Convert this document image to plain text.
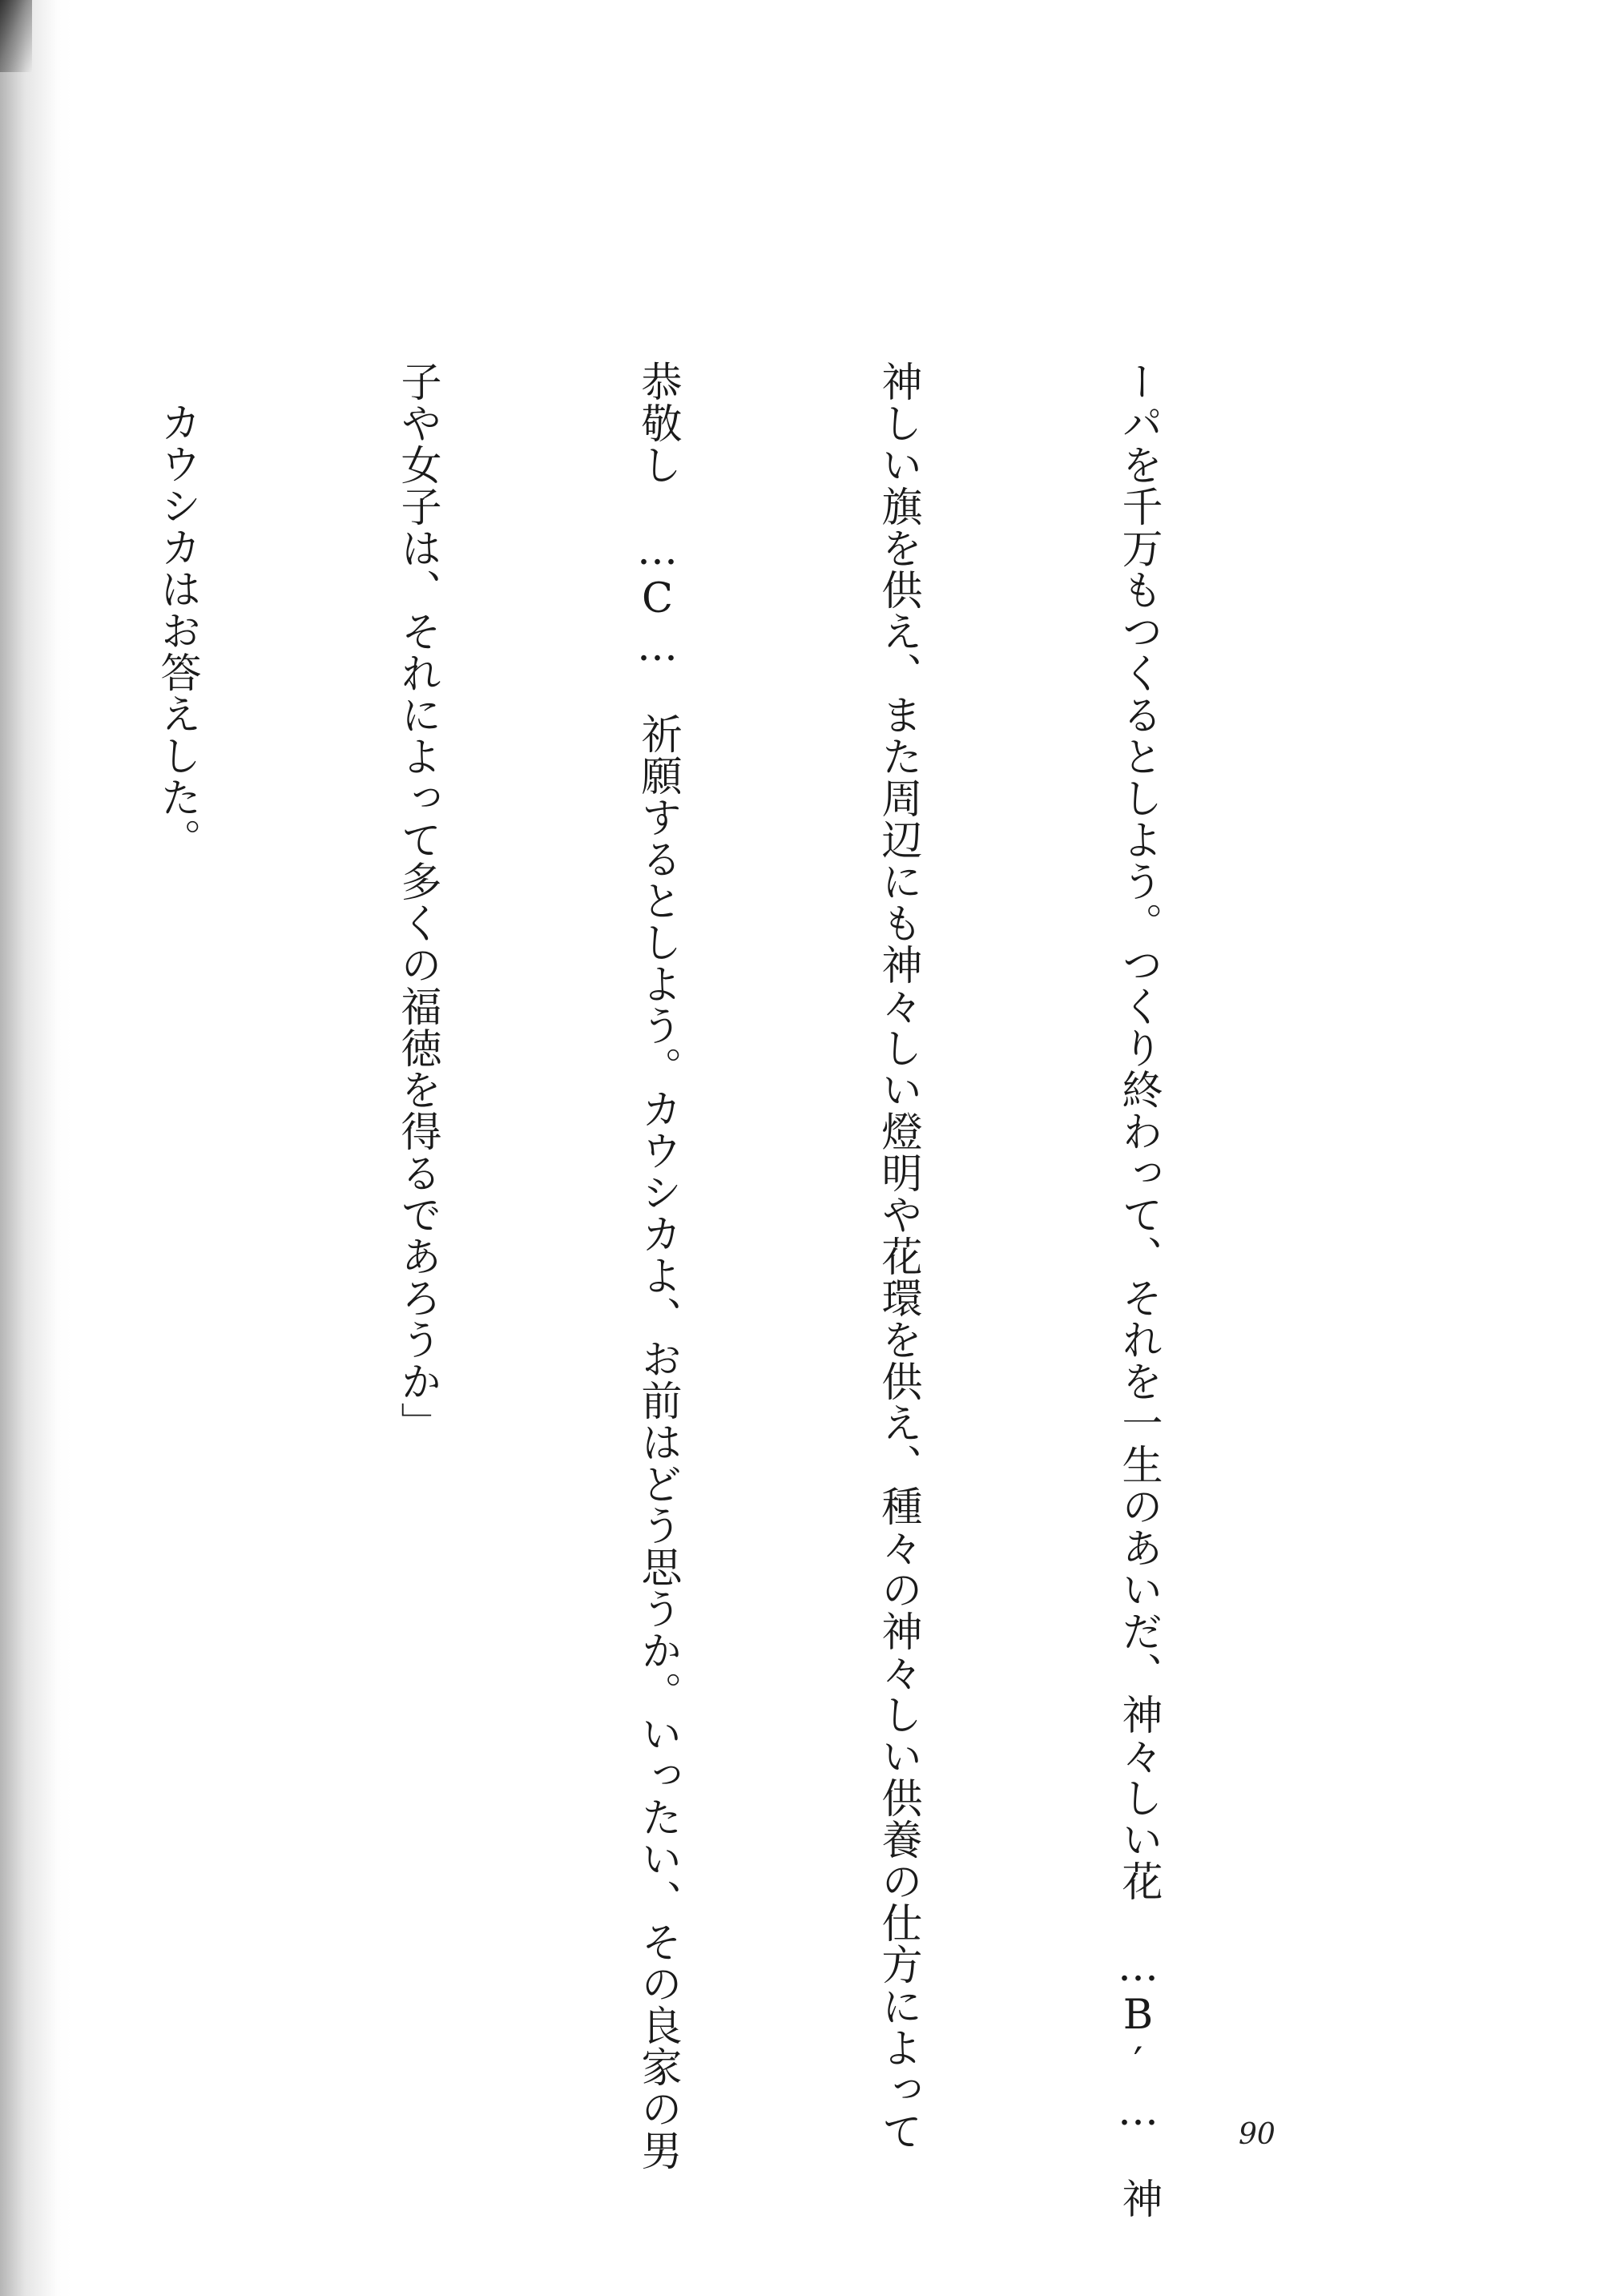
ーパを千万もつくるとしよう。つくり終わって、それを一生のあいだ、神々しい花　…B′…　神

神しい旗を供え、また周辺にも神々しい燈明や花環を供え、種々の神々しい供養の仕方によって

恭敬し　…C…　祈願するとしよう。カウシカよ、お前はどう思うか。いったい、その良家の男

子や女子は、それによって多くの福徳を得るであろうか」

カウシカはお答えした。

90
